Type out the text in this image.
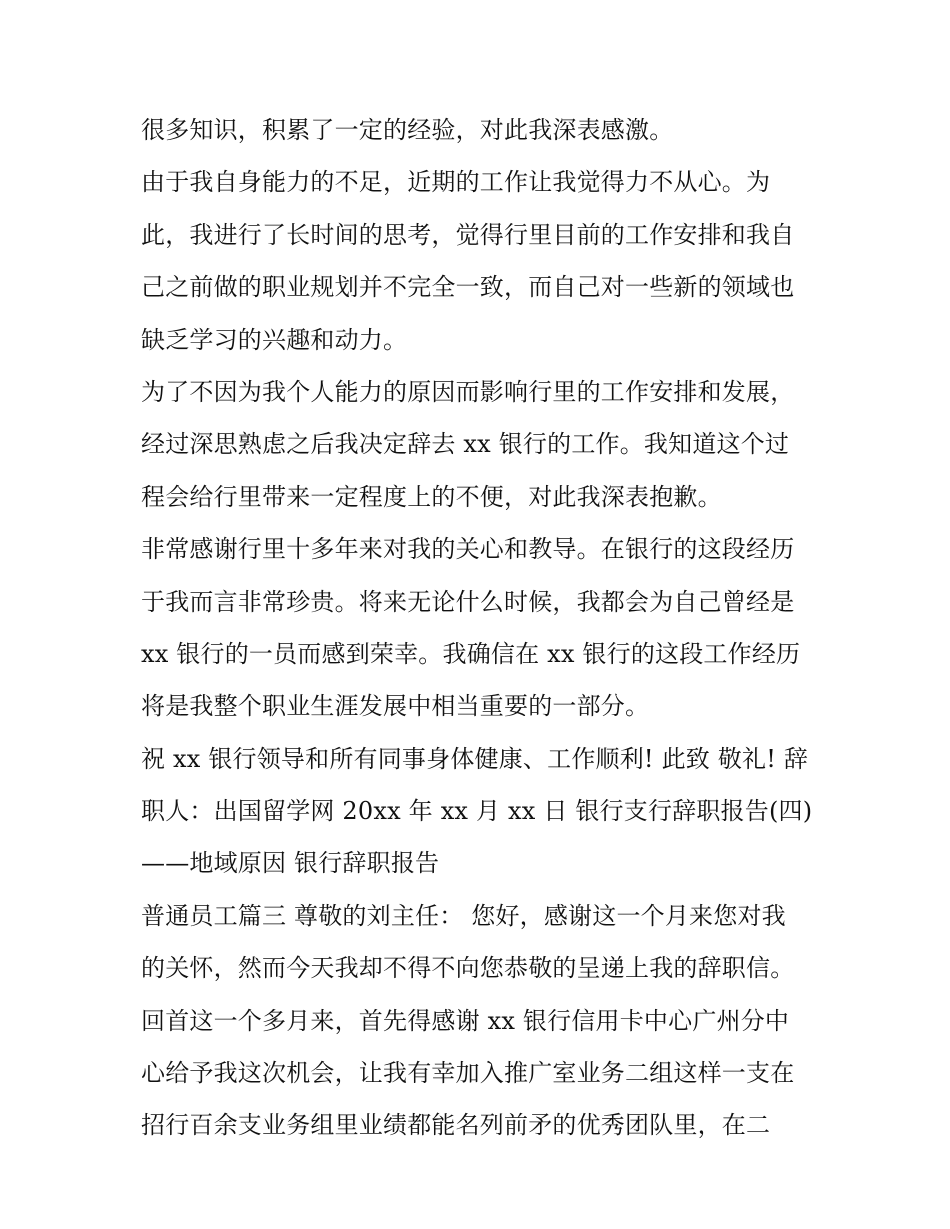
很多知识，积累了一定的经验，对此我深表感激。
由于我自身能力的不足，近期的工作让我觉得力不从心。为
此，我进行了长时间的思考，觉得行里目前的工作安排和我自
己之前做的职业规划并不完全一致，而自己对一些新的领域也
缺乏学习的兴趣和动力。
为了不因为我个人能力的原因而影响行里的工作安排和发展，
经过深思熟虑之后我决定辞去 xx 银行的工作。我知道这个过
程会给行里带来一定程度上的不便，对此我深表抱歉。
非常感谢行里十多年来对我的关心和教导。在银行的这段经历
于我而言非常珍贵。将来无论什么时候，我都会为自己曾经是
xx 银行的一员而感到荣幸。我确信在 xx 银行的这段工作经历
将是我整个职业生涯发展中相当重要的一部分。
祝 xx 银行领导和所有同事身体健康、工作顺利! 此致 敬礼! 辞
职人：出国留学网 20xx 年 xx 月 xx 日 银行支行辞职报告(四)
——地域原因 银行辞职报告
普通员工篇三 尊敬的刘主任： 您好，感谢这一个月来您对我
的关怀，然而今天我却不得不向您恭敬的呈递上我的辞职信。
回首这一个多月来，首先得感谢 xx 银行信用卡中心广州分中
心给予我这次机会，让我有幸加入推广室业务二组这样一支在
招行百余支业务组里业绩都能名列前矛的优秀团队里，在二
